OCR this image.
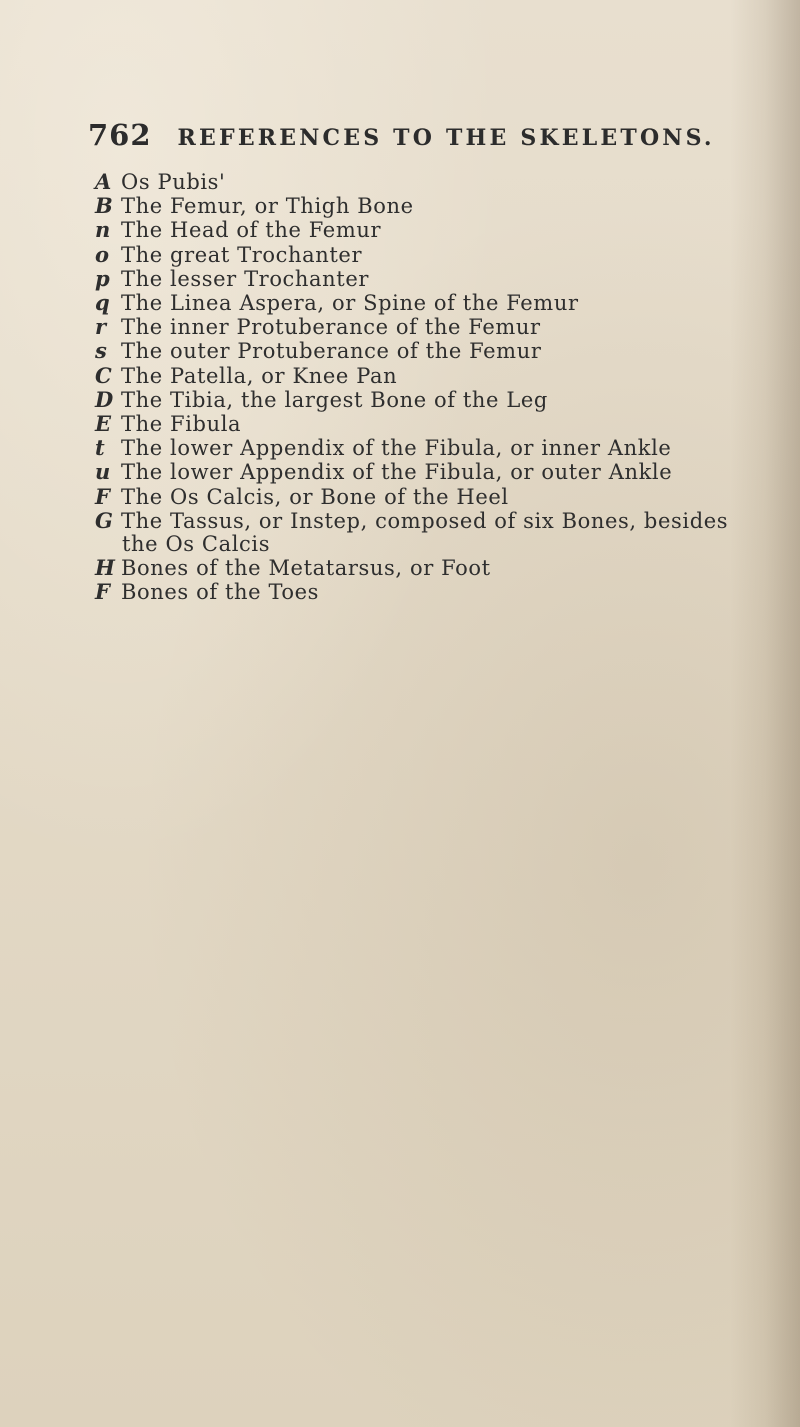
762 REFERENCES TO THE SKELETONS.
A Os Pubis'
B The Femur, or Thigh Bone
n The Head of the Femur
o The great Trochanter
p The lesser Trochanter
q The Linea Aspera, or Spine of the Femur
r The inner Protuberance of the Femur
s The outer Protuberance of the Femur
C The Patella, or Knee Pan
D The Tibia, the largest Bone of the Leg
E The Fibula
t The lower Appendix of the Fibula, or inner Ankle
u The lower Appendix of the Fibula, or outer Ankle
F The Os Calcis, or Bone of the Heel
G The Tassus, or Instep, composed of six Bones, besides
the Os Calcis
H Bones of the Metatarsus, or Foot
F Bones of the Toes
